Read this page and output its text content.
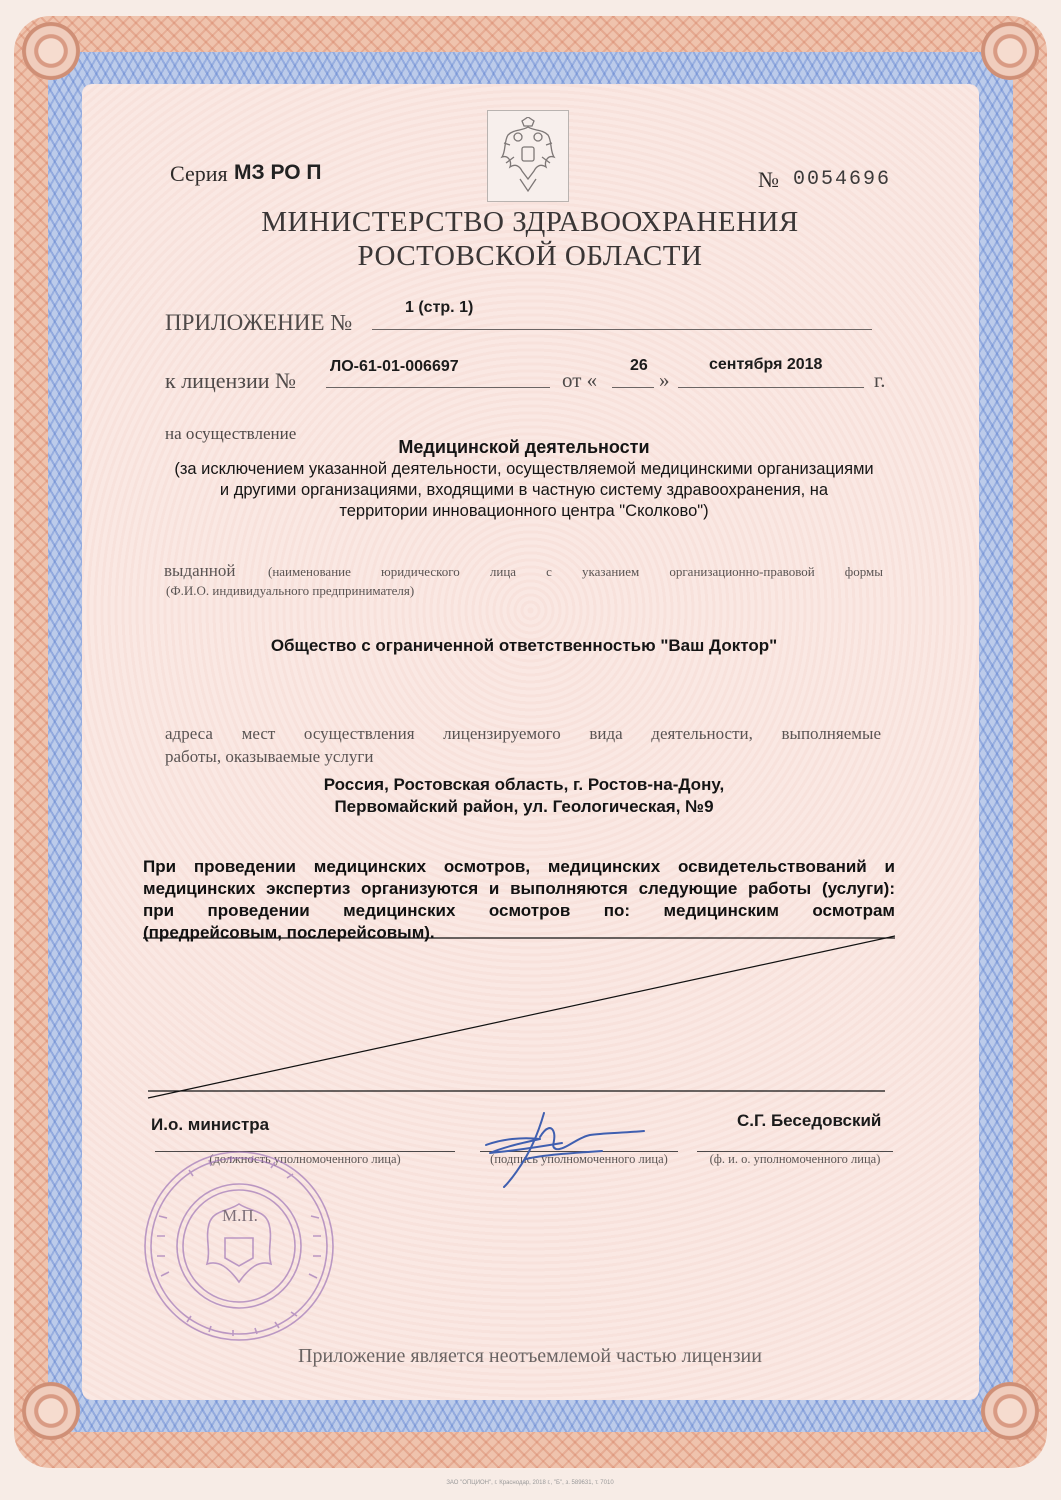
Серия МЗ РО П	№ 0054696
МИНИСТЕРСТВО ЗДРАВООХРАНЕНИЯ
РОСТОВСКОЙ ОБЛАСТИ
ПРИЛОЖЕНИЕ №
1 (стр. 1)
к лицензии №
ЛО-61-01-006697
от «
26
»
сентября 2018
г.
на осуществление
Медицинской деятельности
(за исключением указанной деятельности, осуществляемой медицинскими организациями
и другими организациями, входящими в частную систему здравоохранения, на
территории инновационного центра "Сколково")
выданной	(наименование юридического лица с указанием организационно-правовой формы
(Ф.И.О. индивидуального предпринимателя)
Общество с ограниченной ответственностью "Ваш Доктор"
адреса мест осуществления лицензируемого вида деятельности, выполняемые
работы, оказываемые услуги
Россия, Ростовская область, г. Ростов-на-Дону,
Первомайский район, ул. Геологическая, №9
При проведении медицинских осмотров, медицинских освидетельствований и
медицинских экспертиз организуются и выполняются следующие работы (услуги):
при проведении медицинских осмотров по: медицинским осмотрам
(предрейсовым, послерейсовым).
И.о. министра	С.Г. Беседовский
(должность уполномоченного лица)	(подпись уполномоченного лица)	(ф. и. о. уполномоченного лица)
М.П.
Приложение является неотъемлемой частью лицензии
ЗАО "ОПЦИОН", г. Краснодар, 2018 г., "Б", з. 589631, т. 7010
